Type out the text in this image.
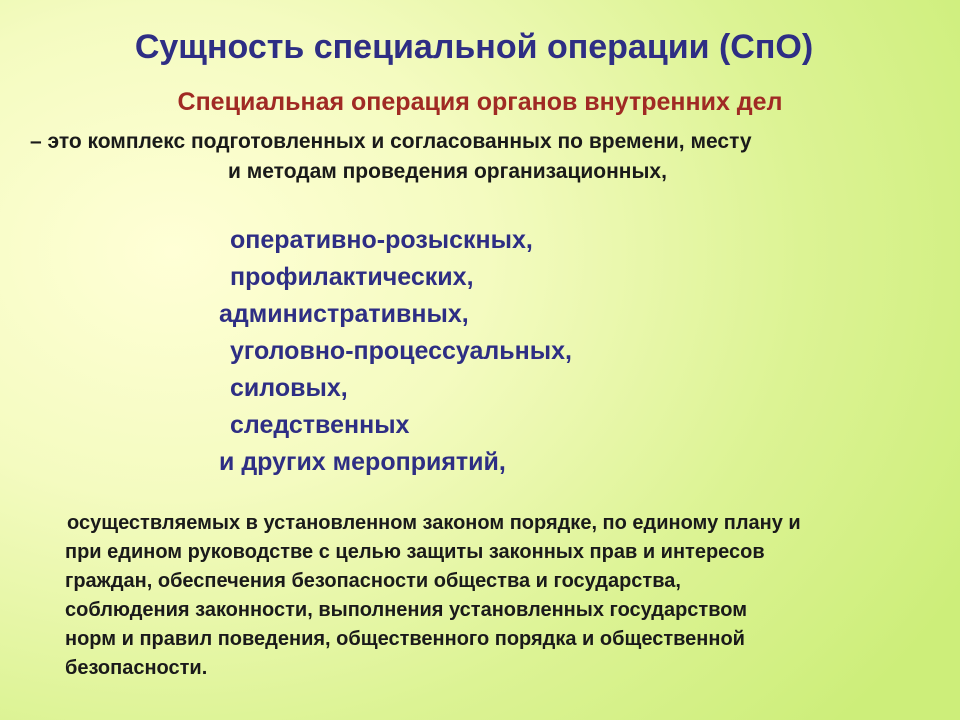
Сущность специальной операции (СпО)
Специальная операция органов внутренних дел
– это комплекс подготовленных и согласованных по времени, месту
и методам проведения организационных,
оперативно-розыскных,
профилактических,
административных,
уголовно-процессуальных,
силовых,
следственных
и других мероприятий,
осуществляемых в установленном законом порядке, по единому плану и
при едином руководстве с целью защиты законных прав и интересов
граждан, обеспечения безопасности общества и государства,
соблюдения законности, выполнения установленных государством
норм и правил поведения, общественного порядка и общественной
безопасности.
